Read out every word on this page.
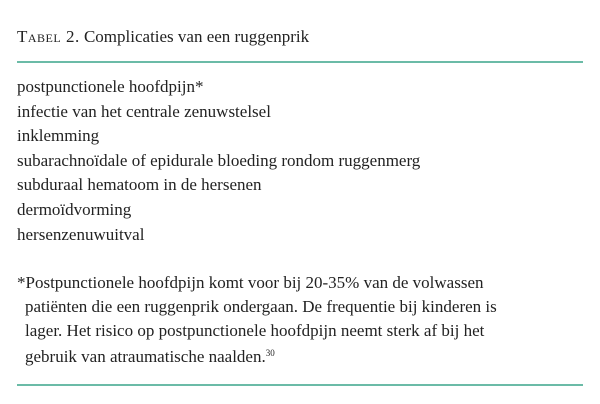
Tabel 2. Complicaties van een ruggenprik
postpunctionele hoofdpijn*
infectie van het centrale zenuwstelsel
inklemming
subarachnoïdale of epidurale bloeding rondom ruggenmerg
subduraal hematoom in de hersenen
dermoïdvorming
hersenzenuwuitval
*Postpunctionele hoofdpijn komt voor bij 20-35% van de volwassen
patiënten die een ruggenprik ondergaan. De frequentie bij kinderen is
lager. Het risico op postpunctionele hoofdpijn neemt sterk af bij het
gebruik van atraumatische naalden.$^{30}$
